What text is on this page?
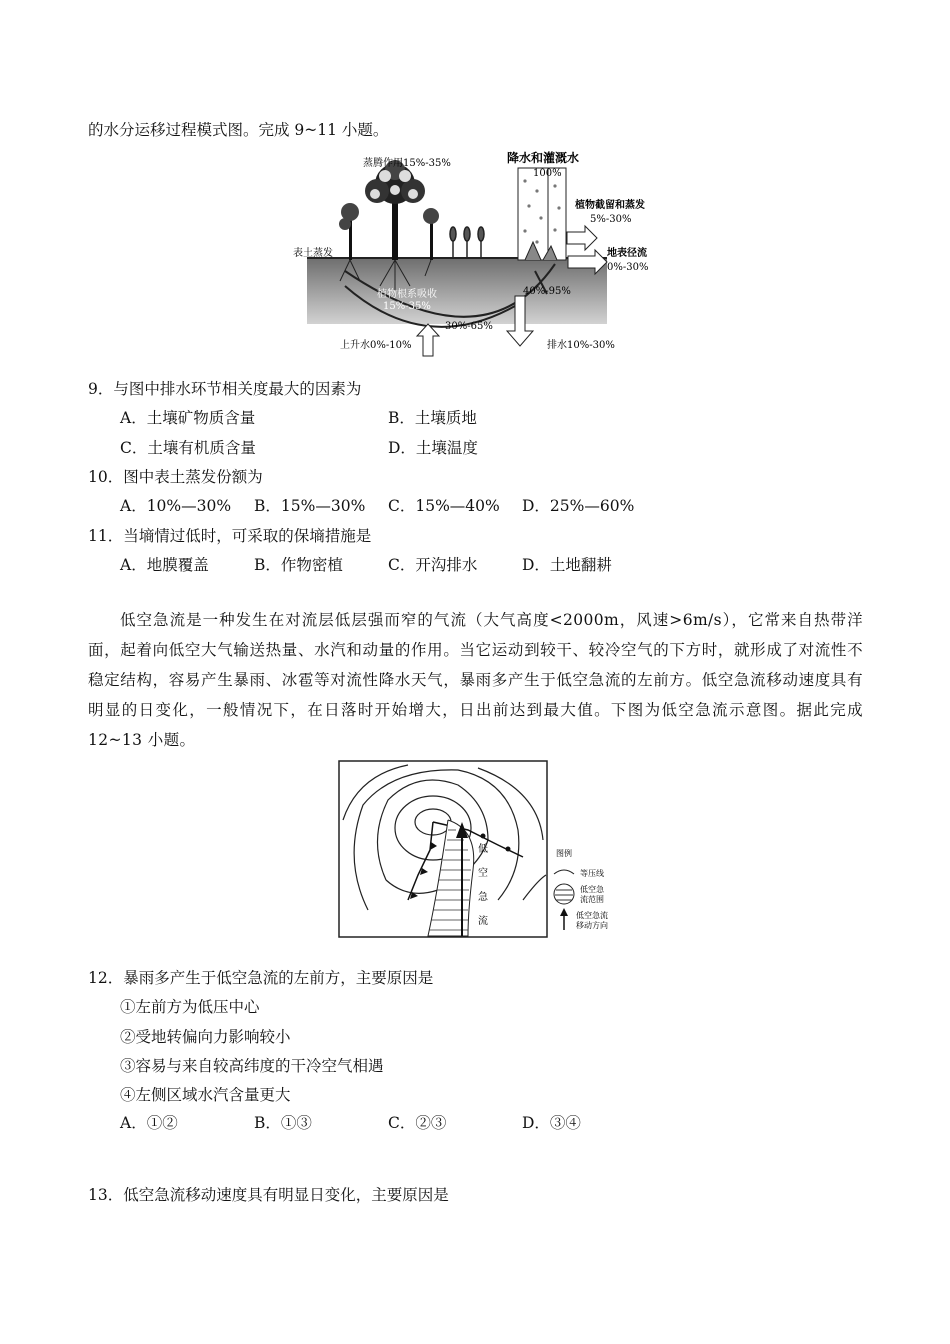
的水分运移过程模式图。完成 9~11 小题。
蒸腾作用15%-35%	降水和灌溉水
100%
植物截留和蒸发
5%-30%
表土蒸发	地表径流
0%-30%
植物根系吸收
15%-35%
40%-95%
30%-65%
上升水0%-10%	排水10%-30%
9．与图中排水环节相关度最大的因素为
A．土壤矿物质含量	B．土壤质地
C．土壤有机质含量	D．土壤温度
10．图中表土蒸发份额为
A．10%—30% B．15%—30% C．15%—40% D．25%—60%
11．当墒情过低时，可采取的保墒措施是
A．地膜覆盖	B．作物密植	C．开沟排水	D．土地翻耕
低空急流是一种发生在对流层低层强而窄的气流（大气高度<2000m，风速>6m/s），它常来自热带洋面，起着向低空大气输送热量、水汽和动量的作用。当它运动到较干、较冷空气的下方时，就形成了对流性不稳定结构，容易产生暴雨、冰雹等对流性降水天气，暴雨多产生于低空急流的左前方。低空急流移动速度具有明显的日变化，一般情况下，在日落时开始增大，日出前达到最大值。下图为低空急流示意图。据此完成 12~13 小题。
低
空
急
流
图例
等压线
低空急
流范围
低空急流
移动方向
12．暴雨多产生于低空急流的左前方，主要原因是
①左前方为低压中心
②受地转偏向力影响较小
③容易与来自较高纬度的干冷空气相遇
④左侧区域水汽含量更大
A．①②	B．①③	C．②③	D．③④
13．低空急流移动速度具有明显日变化，主要原因是
